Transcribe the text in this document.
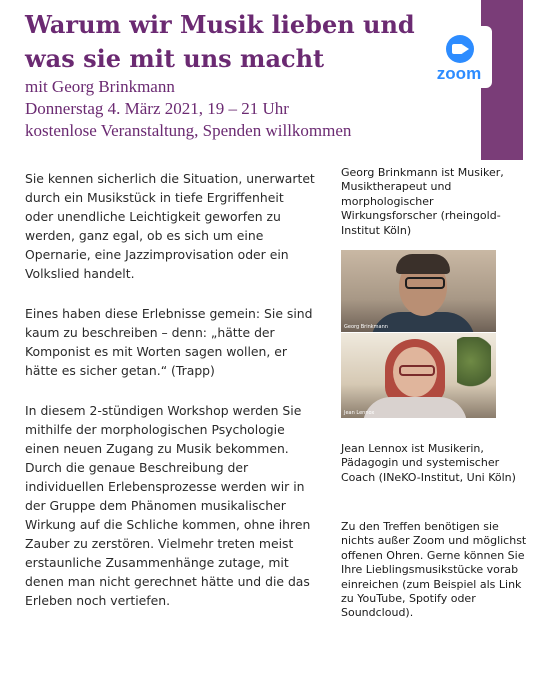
Warum wir Musik lieben und was sie mit uns macht
mit Georg Brinkmann
Donnerstag 4. März 2021, 19 – 21 Uhr
kostenlose Veranstaltung, Spenden willkommen
zoom

Sie kennen sicherlich die Situation, unerwartet durch ein Musikstück in tiefe Ergriffenheit oder unendliche Leichtigkeit geworfen zu werden, ganz egal, ob es sich um eine Opernarie, eine Jazzimprovisation oder ein Volkslied handelt.

Eines haben diese Erlebnisse gemein: Sie sind kaum zu beschreiben – denn: „hätte der Komponist es mit Worten sagen wollen, er hätte es sicher getan.“ (Trapp)

In diesem 2-stündigen Workshop werden Sie mithilfe der morphologischen Psychologie einen neuen Zugang zu Musik bekommen. Durch die genaue Beschreibung der individuellen Erlebensprozesse werden wir in der Gruppe dem Phänomen musikalischer Wirkung auf die Schliche kommen, ohne ihren Zauber zu zerstören. Vielmehr treten meist erstaunliche Zusammenhänge zutage, mit denen man nicht gerechnet hätte und die das Erleben noch vertiefen.

Georg Brinkmann ist Musiker, Musiktherapeut und morphologischer Wirkungsforscher (rheingold-Institut Köln)

Georg Brinkmann
Jean Lennox

Jean Lennox ist Musikerin, Pädagogin und systemischer Coach (INeKO-Institut, Uni Köln)

Zu den Treffen benötigen sie nichts außer Zoom und möglichst offenen Ohren. Gerne können Sie Ihre Lieblingsmusikstücke vorab einreichen (zum Beispiel als Link zu YouTube, Spotify oder Soundcloud).
